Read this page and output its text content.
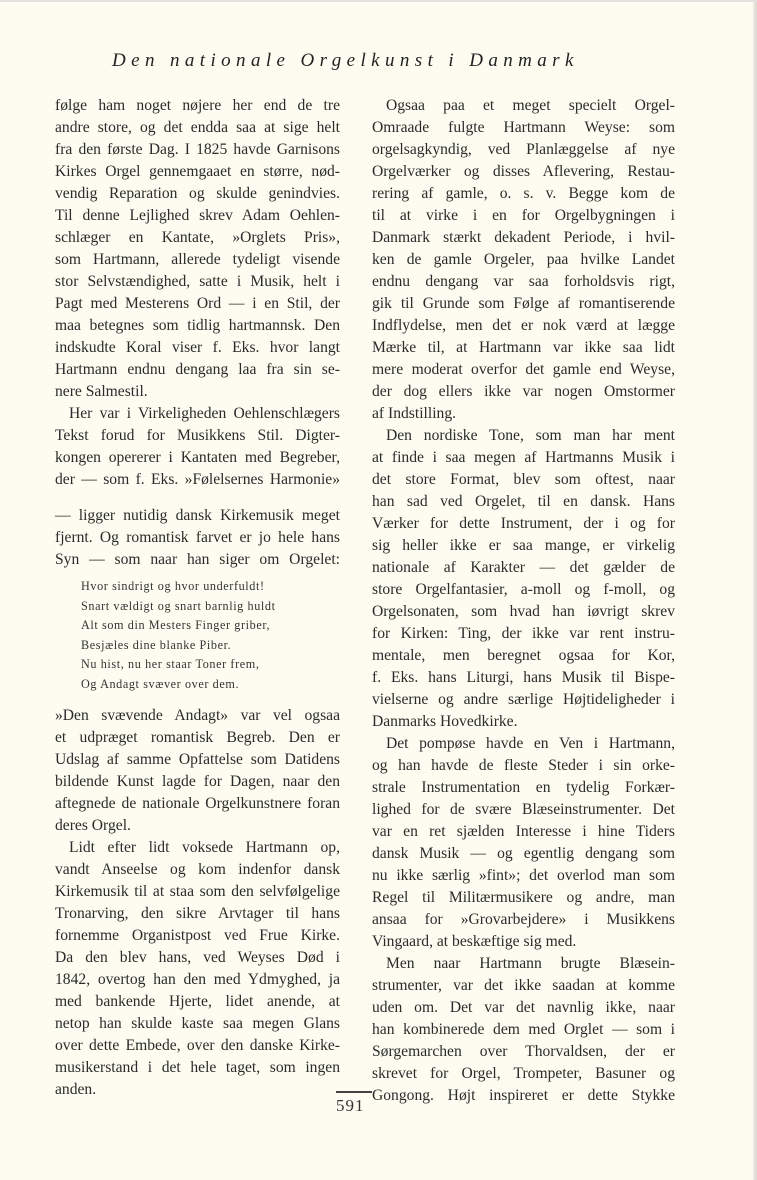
Den nationale Orgelkunst i Danmark
følge ham noget nøjere her end de tre
andre store, og det endda saa at sige helt
fra den første Dag. I 1825 havde Garnisons
Kirkes Orgel gennemgaaet en større, nød-
vendig Reparation og skulde genindvies.
Til denne Lejlighed skrev Adam Oehlen-
schlæger en Kantate, »Orglets Pris»,
som Hartmann, allerede tydeligt visende
stor Selvstændighed, satte i Musik, helt i
Pagt med Mesterens Ord — i en Stil, der
maa betegnes som tidlig hartmannsk. Den
indskudte Koral viser f. Eks. hvor langt
Hartmann endnu dengang laa fra sin se-
nere Salmestil.
Her var i Virkeligheden Oehlenschlægers
Tekst forud for Musikkens Stil. Digter-
kongen opererer i Kantaten med Begreber,
der — som f. Eks. »Følelsernes Harmonie»
— ligger nutidig dansk Kirkemusik meget
fjernt. Og romantisk farvet er jo hele hans
Syn — som naar han siger om Orgelet:
Hvor sindrigt og hvor underfuldt!
Snart vældigt og snart barnlig huldt
Alt som din Mesters Finger griber,
Besjæles dine blanke Piber.
Nu hist, nu her staar Toner frem,
Og Andagt svæver over dem.
»Den svævende Andagt» var vel ogsaa
et udpræget romantisk Begreb. Den er
Udslag af samme Opfattelse som Datidens
bildende Kunst lagde for Dagen, naar den
aftegnede de nationale Orgelkunstnere foran
deres Orgel.
Lidt efter lidt voksede Hartmann op,
vandt Anseelse og kom indenfor dansk
Kirkemusik til at staa som den selvfølgelige
Tronarving, den sikre Arvtager til hans
fornemme Organistpost ved Frue Kirke.
Da den blev hans, ved Weyses Død i
1842, overtog han den med Ydmyghed, ja
med bankende Hjerte, lidet anende, at
netop han skulde kaste saa megen Glans
over dette Embede, over den danske Kirke-
musikerstand i det hele taget, som ingen
anden.
Ogsaa paa et meget specielt Orgel-
Omraade fulgte Hartmann Weyse: som
orgelsagkyndig, ved Planlæggelse af nye
Orgelværker og disses Aflevering, Restau-
rering af gamle, o. s. v. Begge kom de
til at virke i en for Orgelbygningen i
Danmark stærkt dekadent Periode, i hvil-
ken de gamle Orgeler, paa hvilke Landet
endnu dengang var saa forholdsvis rigt,
gik til Grunde som Følge af romantiserende
Indflydelse, men det er nok værd at lægge
Mærke til, at Hartmann var ikke saa lidt
mere moderat overfor det gamle end Weyse,
der dog ellers ikke var nogen Omstormer
af Indstilling.
Den nordiske Tone, som man har ment
at finde i saa megen af Hartmanns Musik i
det store Format, blev som oftest, naar
han sad ved Orgelet, til en dansk. Hans
Værker for dette Instrument, der i og for
sig heller ikke er saa mange, er virkelig
nationale af Karakter — det gælder de
store Orgelfantasier, a-moll og f-moll, og
Orgelsonaten, som hvad han iøvrigt skrev
for Kirken: Ting, der ikke var rent instru-
mentale, men beregnet ogsaa for Kor,
f. Eks. hans Liturgi, hans Musik til Bispe-
vielserne og andre særlige Højtideligheder i
Danmarks Hovedkirke.
Det pompøse havde en Ven i Hartmann,
og han havde de fleste Steder i sin orke-
strale Instrumentation en tydelig Forkær-
lighed for de svære Blæseinstrumenter. Det
var en ret sjælden Interesse i hine Tiders
dansk Musik — og egentlig dengang som
nu ikke særlig »fint»; det overlod man som
Regel til Militærmusikere og andre, man
ansaa for »Grovarbejdere» i Musikkens
Vingaard, at beskæftige sig med.
Men naar Hartmann brugte Blæsein-
strumenter, var det ikke saadan at komme
uden om. Det var det navnlig ikke, naar
han kombinerede dem med Orglet — som i
Sørgemarchen over Thorvaldsen, der er
skrevet for Orgel, Trompeter, Basuner og
Gongong. Højt inspireret er dette Stykke
591
